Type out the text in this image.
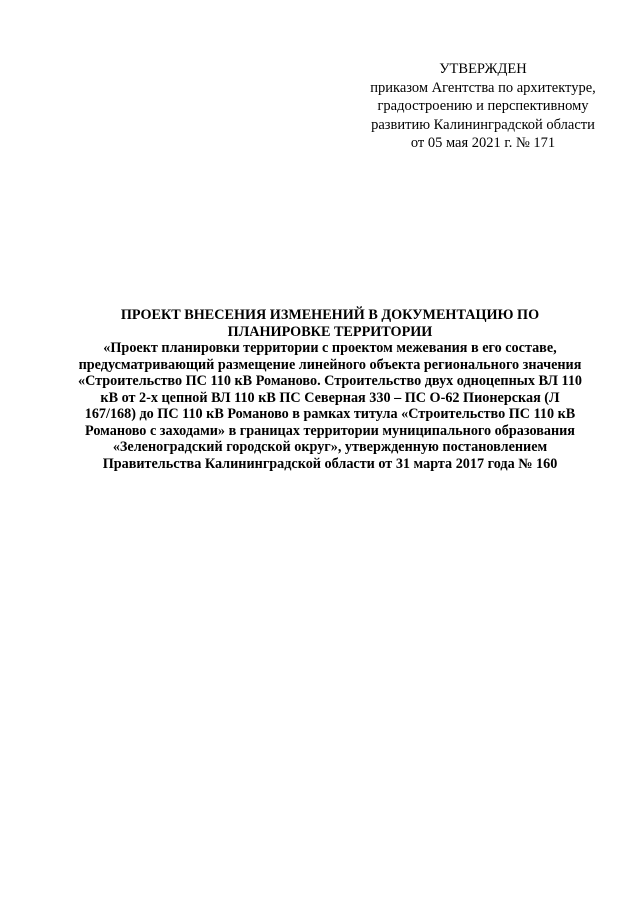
УТВЕРЖДЕН
приказом Агентства по архитектуре,
градостроению и перспективному
развитию Калининградской области
от 05 мая 2021 г. № 171
ПРОЕКТ ВНЕСЕНИЯ ИЗМЕНЕНИЙ В ДОКУМЕНТАЦИЮ ПО
ПЛАНИРОВКЕ ТЕРРИТОРИИ
«Проект планировки территории с проектом межевания в его составе,
предусматривающий размещение линейного объекта регионального значения
«Строительство ПС 110 кВ Романово. Строительство двух одноцепных ВЛ 110
кВ от 2-х цепной ВЛ 110 кВ ПС Северная 330 – ПС О-62 Пионерская (Л
167/168) до ПС 110 кВ Романово в рамках титула «Строительство ПС 110 кВ
Романово с заходами» в границах территории муниципального образования
«Зеленоградский городской округ», утвержденную постановлением
Правительства Калининградской области от 31 марта 2017 года № 160
